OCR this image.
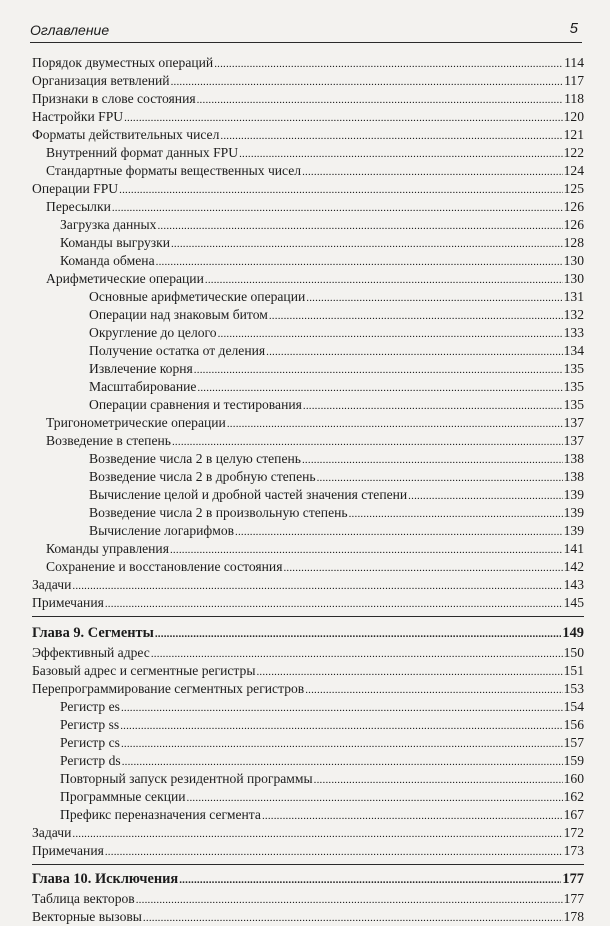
Оглавление	5
Порядок двуместных операций .....	114
Организация ветвлений .....	117
Признаки в слове состояния .....	118
Настройки FPU .....	120
Форматы действительных чисел .....	121
Внутренний формат данных FPU .....	122
Стандартные форматы вещественных чисел .....	124
Операции FPU .....	125
Пересылки .....	126
Загрузка данных .....	126
Команды выгрузки .....	128
Команда обмена .....	130
Арифметические операции .....	130
Основные арифметические операции .....	131
Операции над знаковым битом .....	132
Округление до целого .....	133
Получение остатка от деления .....	134
Извлечение корня .....	135
Масштабирование .....	135
Операции сравнения и тестирования .....	135
Тригонометрические операции .....	137
Возведение в степень .....	137
Возведение числа 2 в целую степень .....	138
Возведение числа 2 в дробную степень .....	138
Вычисление целой и дробной частей значения степени .....	139
Возведение числа 2 в произвольную степень .....	139
Вычисление логарифмов .....	139
Команды управления .....	141
Сохранение и восстановление состояния .....	142
Задачи .....	143
Примечания .....	145
Глава 9. Сегменты .....	149
Эффективный адрес .....	150
Базовый адрес и сегментные регистры .....	151
Перепрограммирование сегментных регистров .....	153
Регистр es .....	154
Регистр ss .....	156
Регистр cs .....	157
Регистр ds .....	159
Повторный запуск резидентной программы .....	160
Программные секции .....	162
Префикс переназначения сегмента .....	167
Задачи .....	172
Примечания .....	173
Глава 10. Исключения .....	177
Таблица векторов .....	177
Векторные вызовы .....	178
